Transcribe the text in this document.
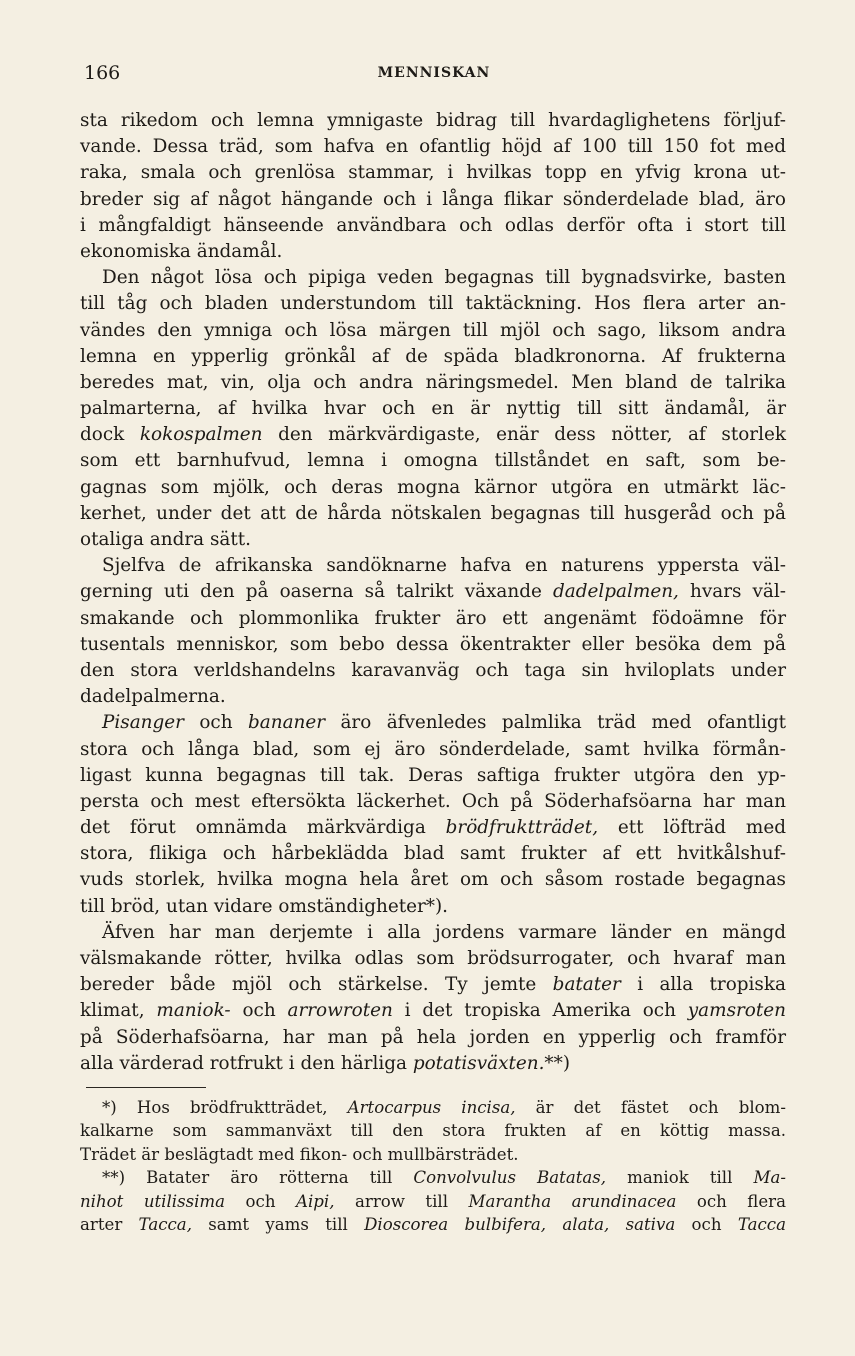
166	MENNISKAN
sta rikedom och lemna ymnigaste bidrag till hvardaglighetens förljuf-
vande. Dessa träd, som hafva en ofantlig höjd af 100 till 150 fot med
raka, smala och grenlösa stammar, i hvilkas topp en yfvig krona ut-
breder sig af något hängande och i långa flikar sönderdelade blad, äro
i mångfaldigt hänseende användbara och odlas derför ofta i stort till
ekonomiska ändamål.
Den något lösa och pipiga veden begagnas till bygnadsvirke, basten
till tåg och bladen understundom till taktäckning. Hos flera arter an-
vändes den ymniga och lösa märgen till mjöl och sago, liksom andra
lemna en ypperlig grönkål af de späda bladkronorna. Af frukterna
beredes mat, vin, olja och andra näringsmedel. Men bland de talrika
palmarterna, af hvilka hvar och en är nyttig till sitt ändamål, är
dock kokospalmen den märkvärdigaste, enär dess nötter, af storlek
som ett barnhufvud, lemna i omogna tillståndet en saft, som be-
gagnas som mjölk, och deras mogna kärnor utgöra en utmärkt läc-
kerhet, under det att de hårda nötskalen begagnas till husgeråd och på
otaliga andra sätt.
Sjelfva de afrikanska sandöknarne hafva en naturens yppersta väl-
gerning uti den på oaserna så talrikt växande dadelpalmen, hvars väl-
smakande och plommonlika frukter äro ett angenämt födoämne för
tusentals menniskor, som bebo dessa ökentrakter eller besöka dem på
den stora verldshandelns karavanväg och taga sin hviloplats under
dadelpalmerna.
Pisanger och bananer äro äfvenledes palmlika träd med ofantligt
stora och långa blad, som ej äro sönderdelade, samt hvilka förmån-
ligast kunna begagnas till tak. Deras saftiga frukter utgöra den yp-
persta och mest eftersökta läckerhet. Och på Söderhafsöarna har man
det förut omnämda märkvärdiga brödfruktträdet, ett löfträd med
stora, flikiga och hårbeklädda blad samt frukter af ett hvitkålshuf-
vuds storlek, hvilka mogna hela året om och såsom rostade begagnas
till bröd, utan vidare omständigheter*).
Äfven har man derjemte i alla jordens varmare länder en mängd
välsmakande rötter, hvilka odlas som brödsurrogater, och hvaraf man
bereder både mjöl och stärkelse. Ty jemte batater i alla tropiska
klimat, maniok- och arrowroten i det tropiska Amerika och yamsroten
på Söderhafsöarna, har man på hela jorden en ypperlig och framför
alla värderad rotfrukt i den härliga potatisväxten.**)
*) Hos brödfruktträdet, Artocarpus incisa, är det fästet och blom-
kalkarne som sammanväxt till den stora frukten af en köttig massa.
Trädet är beslägtadt med fikon- och mullbärsträdet.
**) Batater äro rötterna till Convolvulus Batatas, maniok till Ma-
nihot utilissima och Aipi, arrow till Marantha arundinacea och flera
arter Tacca, samt yams till Dioscorea bulbifera, alata, sativa och Tacca
